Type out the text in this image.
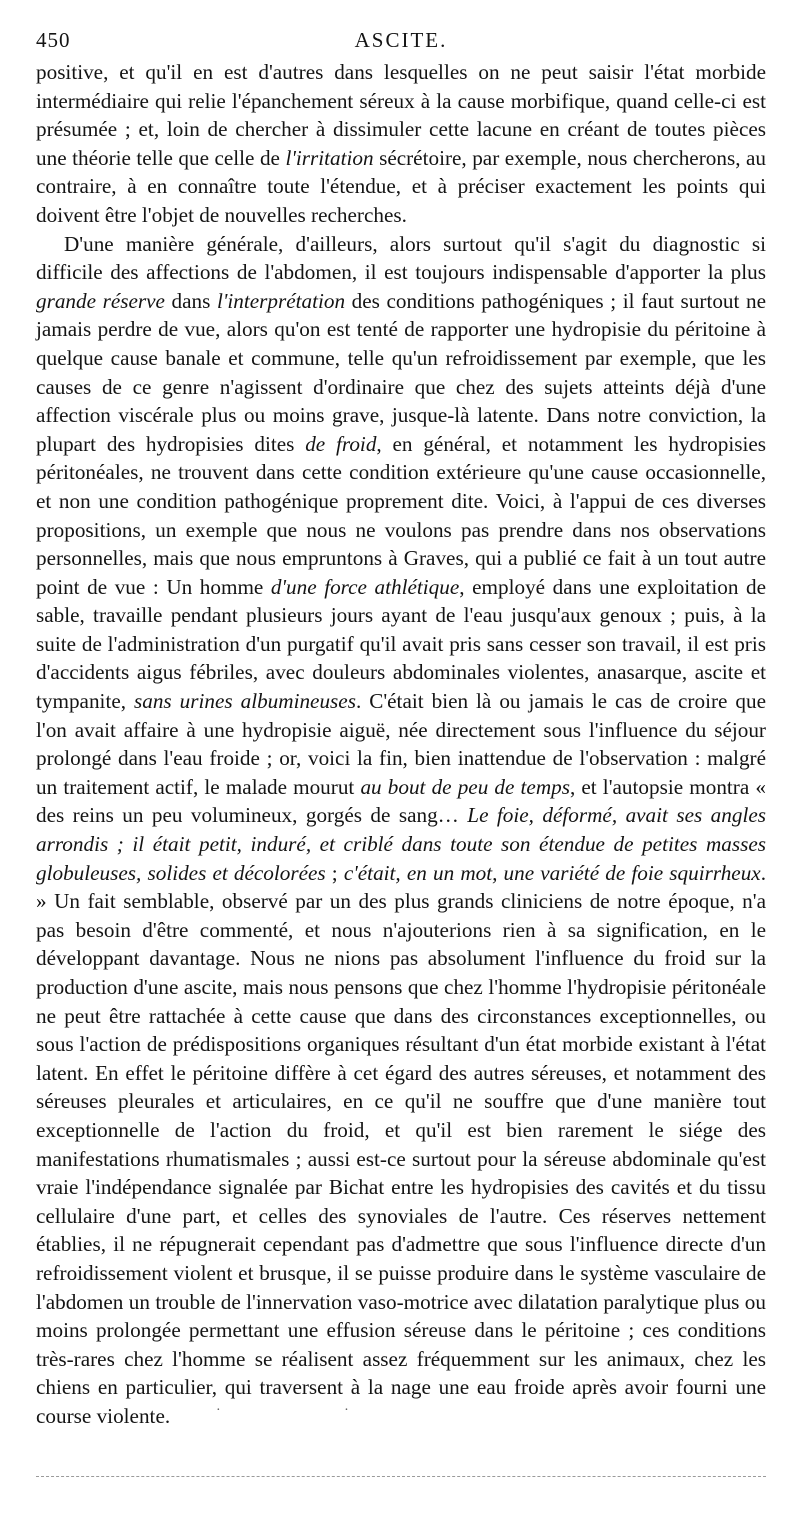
450	ASCITE.

positive, et qu'il en est d'autres dans lesquelles on ne peut saisir l'état morbide intermédiaire qui relie l'épanchement séreux à la cause morbifique, quand celle-ci est présumée ; et, loin de chercher à dissimuler cette lacune en créant de toutes pièces une théorie telle que celle de l'irritation sécrétoire, par exemple, nous chercherons, au contraire, à en connaître toute l'étendue, et à préciser exactement les points qui doivent être l'objet de nouvelles recherches.

D'une manière générale, d'ailleurs, alors surtout qu'il s'agit du diagnostic si difficile des affections de l'abdomen, il est toujours indispensable d'apporter la plus grande réserve dans l'interprétation des conditions pathogéniques ; il faut surtout ne jamais perdre de vue, alors qu'on est tenté de rapporter une hydropisie du péritoine à quelque cause banale et commune, telle qu'un refroidissement par exemple, que les causes de ce genre n'agissent d'ordinaire que chez des sujets atteints déjà d'une affection viscérale plus ou moins grave, jusque-là latente. Dans notre conviction, la plupart des hydropisies dites de froid, en général, et notamment les hydropisies péritonéales, ne trouvent dans cette condition extérieure qu'une cause occasionnelle, et non une condition pathogénique proprement dite. Voici, à l'appui de ces diverses propositions, un exemple que nous ne voulons pas prendre dans nos observations personnelles, mais que nous empruntons à Graves, qui a publié ce fait à un tout autre point de vue : Un homme d'une force athlétique, employé dans une exploitation de sable, travaille pendant plusieurs jours ayant de l'eau jusqu'aux genoux ; puis, à la suite de l'administration d'un purgatif qu'il avait pris sans cesser son travail, il est pris d'accidents aigus fébriles, avec douleurs abdominales violentes, anasarque, ascite et tympanite, sans urines albumineuses. C'était bien là ou jamais le cas de croire que l'on avait affaire à une hydropisie aiguë, née directement sous l'influence du séjour prolongé dans l'eau froide ; or, voici la fin, bien inattendue de l'observation : malgré un traitement actif, le malade mourut au bout de peu de temps, et l'autopsie montra « des reins un peu volumineux, gorgés de sang… Le foie, déformé, avait ses angles arrondis ; il était petit, induré, et criblé dans toute son étendue de petites masses globuleuses, solides et décolorées ; c'était, en un mot, une variété de foie squirrheux. » Un fait semblable, observé par un des plus grands cliniciens de notre époque, n'a pas besoin d'être commenté, et nous n'ajouterions rien à sa signification, en le développant davantage. Nous ne nions pas absolument l'influence du froid sur la production d'une ascite, mais nous pensons que chez l'homme l'hydropisie péritonéale ne peut être rattachée à cette cause que dans des circonstances exceptionnelles, ou sous l'action de prédispositions organiques résultant d'un état morbide existant à l'état latent. En effet le péritoine diffère à cet égard des autres séreuses, et notamment des séreuses pleurales et articulaires, en ce qu'il ne souffre que d'une manière tout exceptionnelle de l'action du froid, et qu'il est bien rarement le siége des manifestations rhumatismales ; aussi est-ce surtout pour la séreuse abdominale qu'est vraie l'indépendance signalée par Bichat entre les hydropisies des cavités et du tissu cellulaire d'une part, et celles des synoviales de l'autre. Ces réserves nettement établies, il ne répugnerait cependant pas d'admettre que sous l'influence directe d'un refroidissement violent et brusque, il se puisse produire dans le système vasculaire de l'abdomen un trouble de l'innervation vaso-motrice avec dilatation paralytique plus ou moins prolongée permettant une effusion séreuse dans le péritoine ; ces conditions très-rares chez l'homme se réalisent assez fréquemment sur les animaux, chez les chiens en particulier, qui traversent à la nage une eau froide après avoir fourni une course violente.	· ·
